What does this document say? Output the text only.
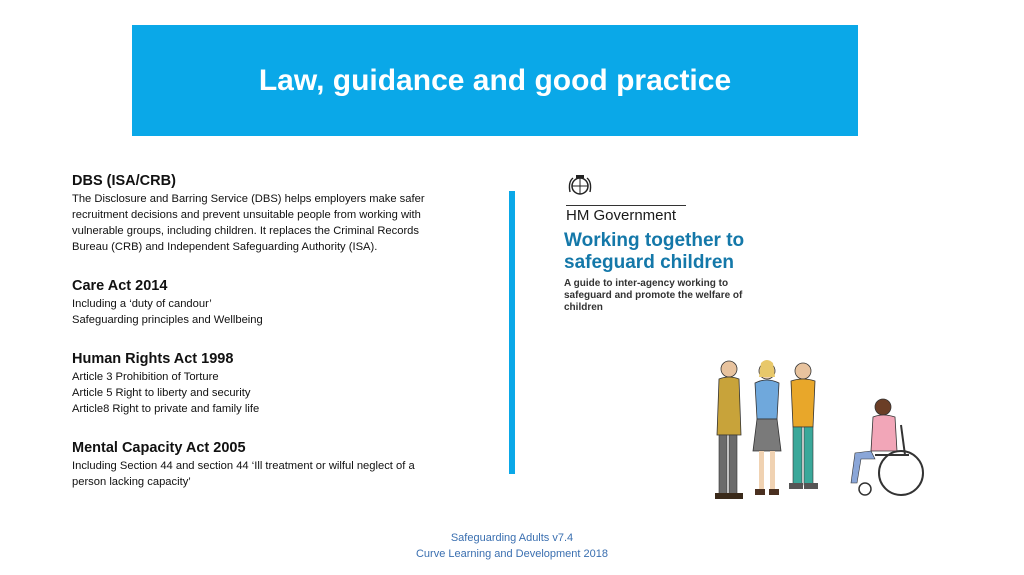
Law, guidance and good practice
DBS (ISA/CRB)
The Disclosure and Barring Service (DBS) helps employers make safer
recruitment decisions and prevent unsuitable people from working with
vulnerable groups, including children. It replaces the Criminal Records
Bureau (CRB) and Independent Safeguarding Authority (ISA).
Care Act 2014
Including a ‘duty of candour’
Safeguarding principles and Wellbeing
Human Rights Act 1998
Article 3 Prohibition of Torture
Article 5 Right to liberty and security
Article8 Right to private and family life
Mental Capacity Act 2005
Including Section 44 and section 44 ‘Ill treatment or wilful neglect of a
person lacking capacity’
HM Government
Working together to
safeguard children
A guide to inter-agency working to safeguard and promote the welfare of children
Safeguarding Adults v7.4
Curve Learning and Development 2018
